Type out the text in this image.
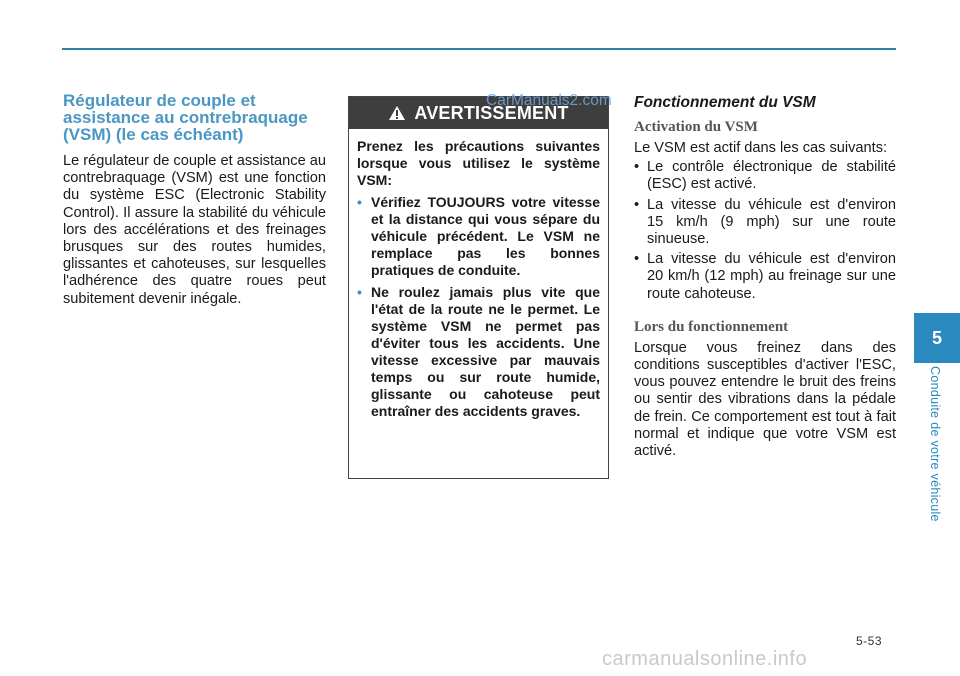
Régulateur de couple et assistance au contrebraquage (VSM) (le cas échéant)

Le régulateur de couple et assistance au contrebraquage (VSM) est une fonction du système ESC (Electronic Stability Control). Il assure la stabilité du véhicule lors des accélérations et des freinages brusques sur des routes humides, glissantes et cahoteuses, sur lesquelles l'adhérence des quatre roues peut subitement devenir inégale.

AVERTISSEMENT

Prenez les précautions suivantes lorsque vous utilisez le système VSM:

• Vérifiez TOUJOURS votre vitesse et la distance qui vous sépare du véhicule précédent. Le VSM ne remplace pas les bonnes pratiques de conduite.
• Ne roulez jamais plus vite que l'état de la route ne le permet. Le système VSM ne permet pas d'éviter tous les accidents. Une vitesse excessive par mauvais temps ou sur route humide, glissante ou cahoteuse peut entraîner des accidents graves.
CarManuals2.com Fonctionnement du VSM
Activation du VSM

Le VSM est actif dans les cas suivants:

• Le contrôle électronique de stabilité (ESC) est activé.
• La vitesse du véhicule est d'environ 15 km/h (9 mph) sur une route sinueuse.
• La vitesse du véhicule est d'environ 20 km/h (12 mph) au freinage sur une route cahoteuse.
Lors du fonctionnement

Lorsque vous freinez dans des conditions susceptibles d'activer l'ESC, vous pouvez entendre le bruit des freins ou sentir des vibrations dans la pédale de frein. Ce comportement est tout à fait normal et indique que votre VSM est activé.

5
Conduite de votre véhicule
5-53
carmanualsonline.info
